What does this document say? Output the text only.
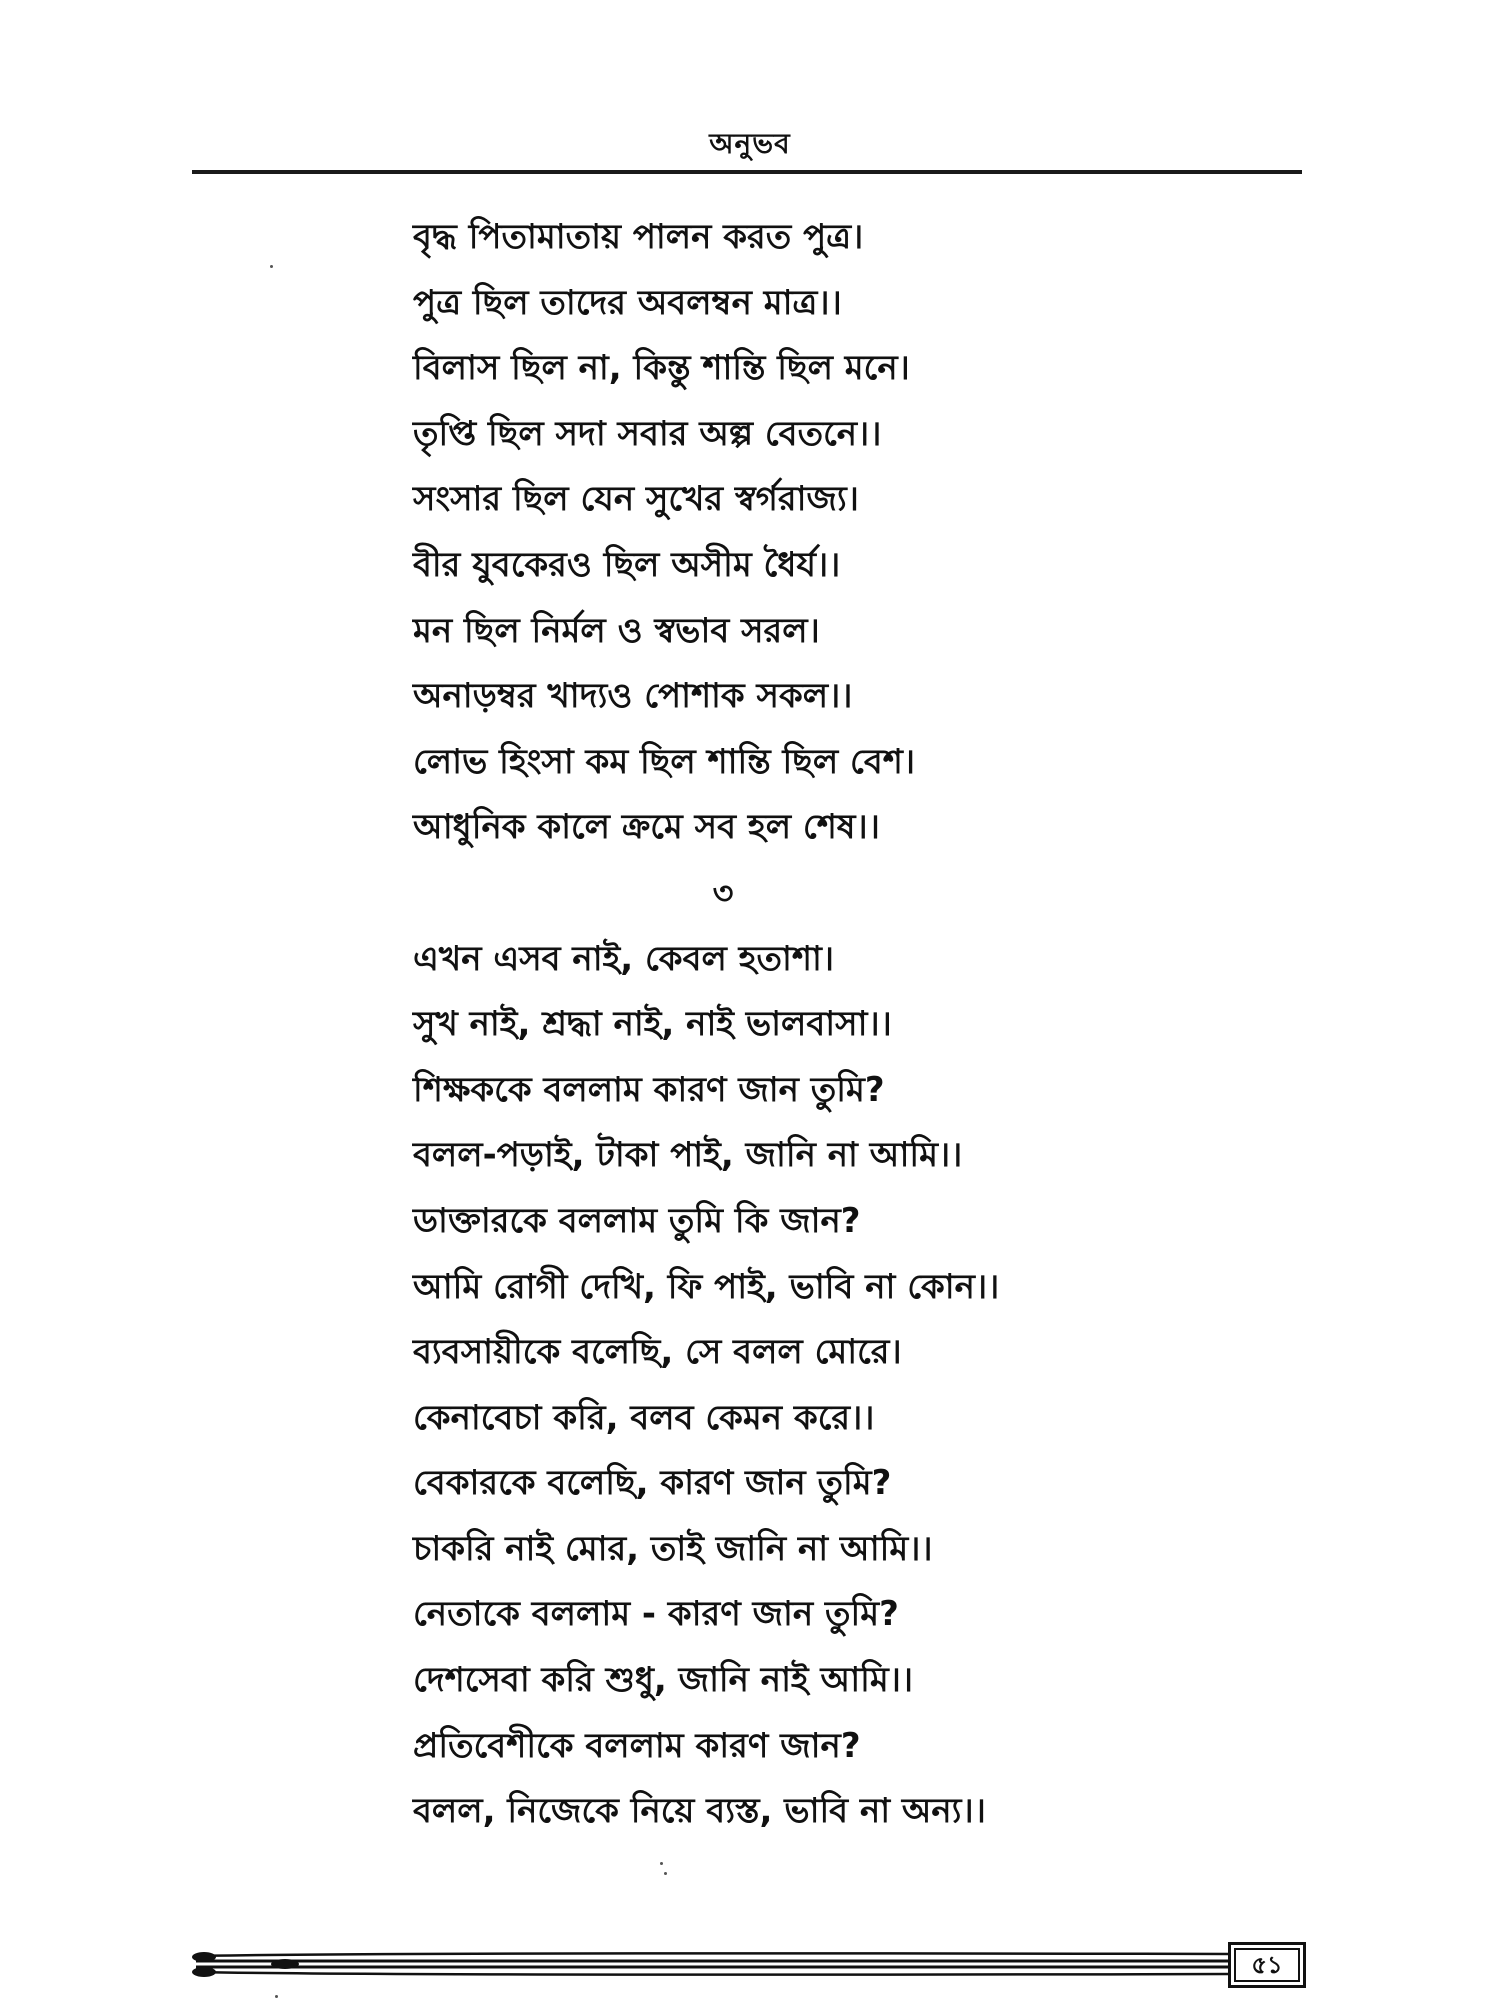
অনুভব
বৃদ্ধ পিতামাতায় পালন করত পুত্র।
পুত্র ছিল তাদের অবলম্বন মাত্র।।
বিলাস ছিল না, কিন্তু শান্তি ছিল মনে।
তৃপ্তি ছিল সদা সবার অল্প বেতনে।।
সংসার ছিল যেন সুখের স্বর্গরাজ্য।
বীর যুবকেরও ছিল অসীম ধৈর্য।।
মন ছিল নির্মল ও স্বভাব সরল।
অনাড়ম্বর খাদ্যও পোশাক সকল।।
লোভ হিংসা কম ছিল শান্তি ছিল বেশ।
আধুনিক কালে ক্রমে সব হল শেষ।।
৩
এখন এসব নাই, কেবল হতাশা।
সুখ নাই, শ্রদ্ধা নাই, নাই ভালবাসা।।
শিক্ষককে বললাম কারণ জান তুমি?
বলল-পড়াই, টাকা পাই, জানি না আমি।।
ডাক্তারকে বললাম তুমি কি জান?
আমি রোগী দেখি, ফি পাই, ভাবি না কোন।।
ব্যবসায়ীকে বলেছি, সে বলল মোরে।
কেনাবেচা করি, বলব কেমন করে।।
বেকারকে বলেছি, কারণ জান তুমি?
চাকরি নাই মোর, তাই জানি না আমি।।
নেতাকে বললাম - কারণ জান তুমি?
দেশসেবা করি শুধু, জানি নাই আমি।।
প্রতিবেশীকে বললাম কারণ জান?
বলল, নিজেকে নিয়ে ব্যস্ত, ভাবি না অন্য।।
৫১
